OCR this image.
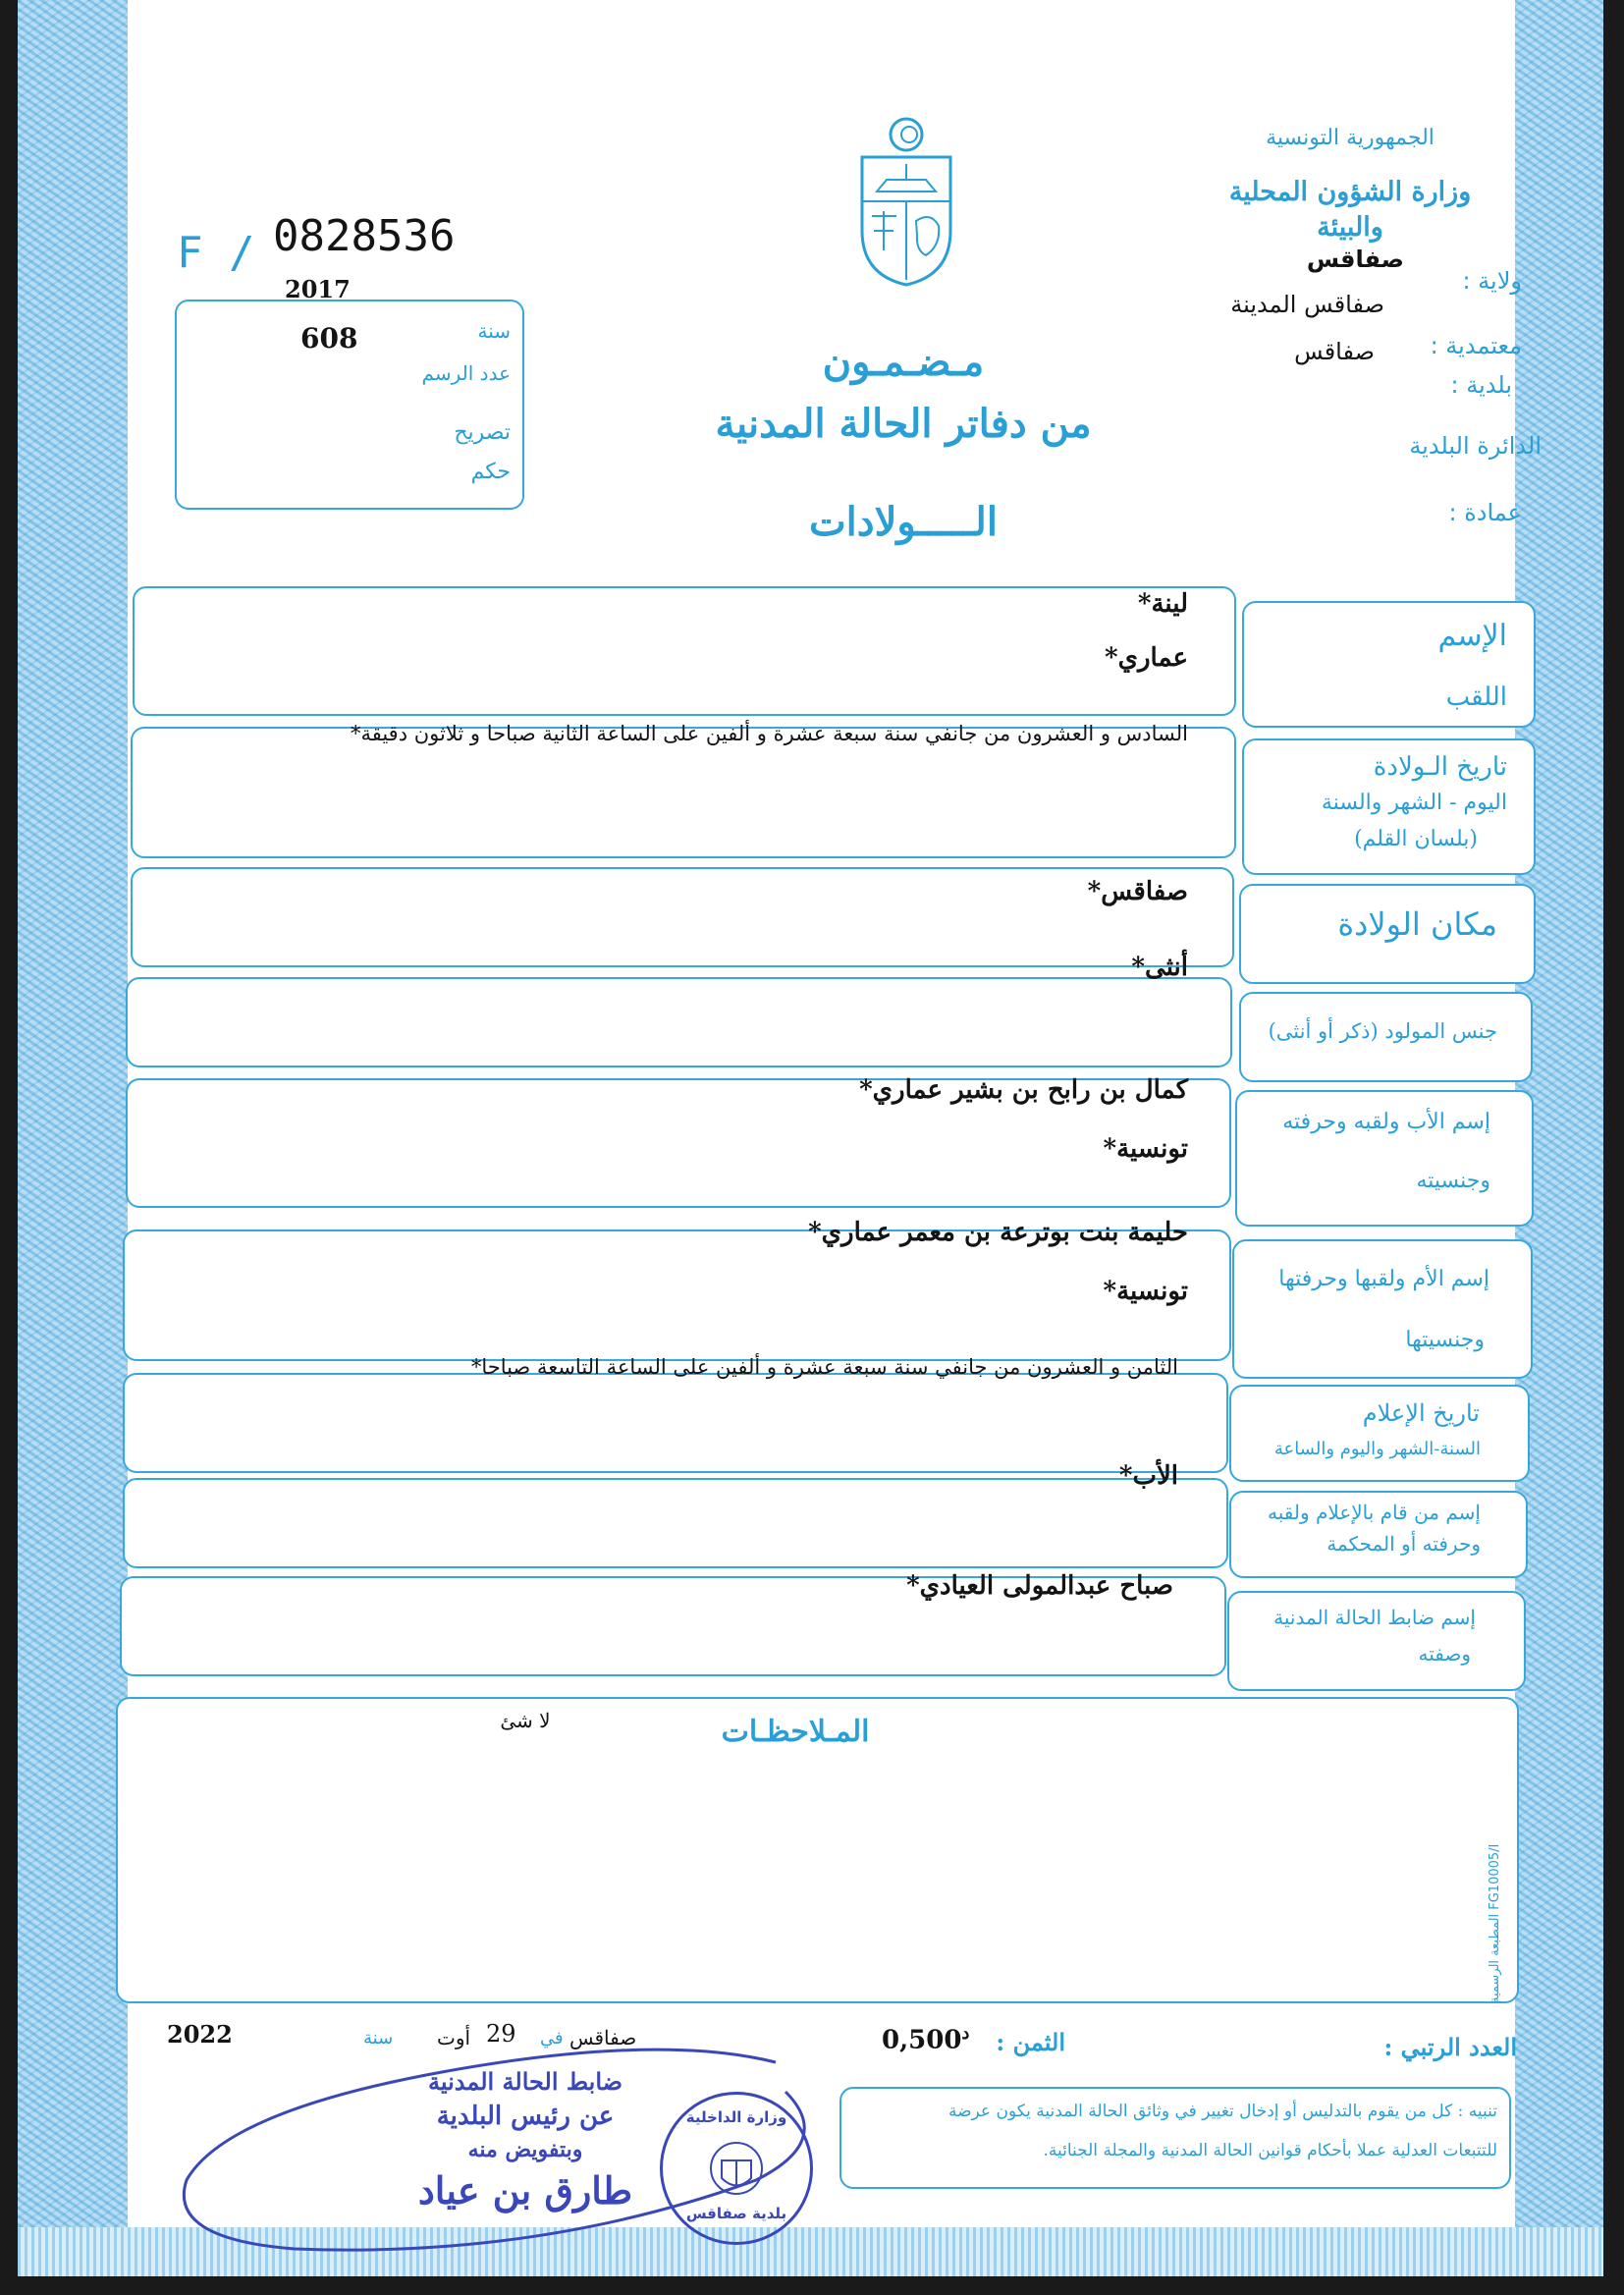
الجمهورية التونسية
وزارة الشؤون المحلية
والبيئة
صفاقس
ولاية :
صفاقس المدينة
معتمدية :
صفاقس
بلدية :
الدائرة البلدية
عمادة :
F / 0828536
2017
608	سنة
عدد الرسم
تصريح
حكم
مـضـمـون
من دفاتر الحالة المدنية
الـــــولادات
الإسم
اللقب
تاريخ الـولادة
اليوم - الشهر والسنة
(بلسان القلم)
مكان الولادة
جنس المولود (ذكر أو أنثى)
إسم الأب ولقبه وحرفته
وجنسيته
إسم الأم ولقبها وحرفتها
وجنسيتها
تاريخ الإعلام
السنة-الشهر واليوم والساعة
إسم من قام بالإعلام ولقبه
وحرفته أو المحكمة
إسم ضابط الحالة المدنية
وصفته
لينة*
عماري*
السادس و العشرون من جانفي سنة سبعة عشرة و ألفين على الساعة الثانية صباحا و ثلاثون دقيقة*
صفاقس*
أنثى*
كمال بن رابح بن بشير عماري*
تونسية*
حليمة بنت بوترعة بن معمر عماري*
تونسية*
الثامن و العشرون من جانفي سنة سبعة عشرة و ألفين على الساعة التاسعة صباحا*
الأب*
صباح عبدالمولى العيادي*
المـلاحظـات
لا شئ
العدد الرتبي :
الثمن :
$^د$0,500
صفاقس
في
29
أوت
سنة
2022
تنبيه : كل من يقوم بالتدليس أو إدخال تغيير في وثائق الحالة المدنية يكون عرضة
للتتبعات العدلية عملا بأحكام قوانين الحالة المدنية والمجلة الجنائية.
المطبعة الرسمية FG10005/I
ضابط الحالة المدنية
عن رئيس البلدية
وبتفويض منه
طارق بن عياد
وزارة الداخلية
بلدية صفاقس
